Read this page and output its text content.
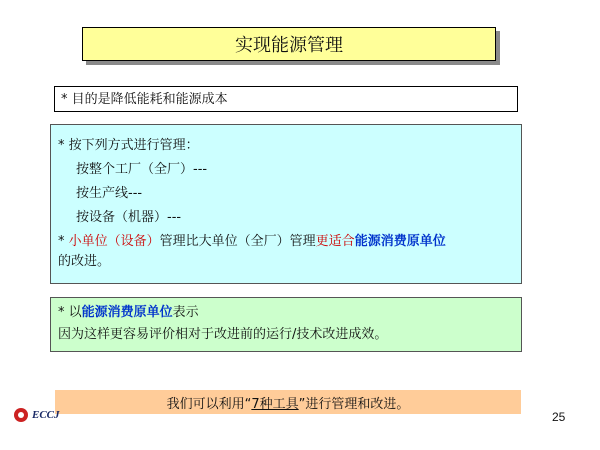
实现能源管理
* 目的是降低能耗和能源成本
* 按下列方式进行管理：
按整个工厂（全厂）---
按生产线---
按设备（机器）---
* 小单位（设备）管理比大单位（全厂）管理更适合能源消费原单位
的改进。
* 以能源消费原单位表示
因为这样更容易评价相对于改进前的运行/技术改进成效。
我们可以利用“ 7种工具 ”进行管理和改进。
ECCJ	25
